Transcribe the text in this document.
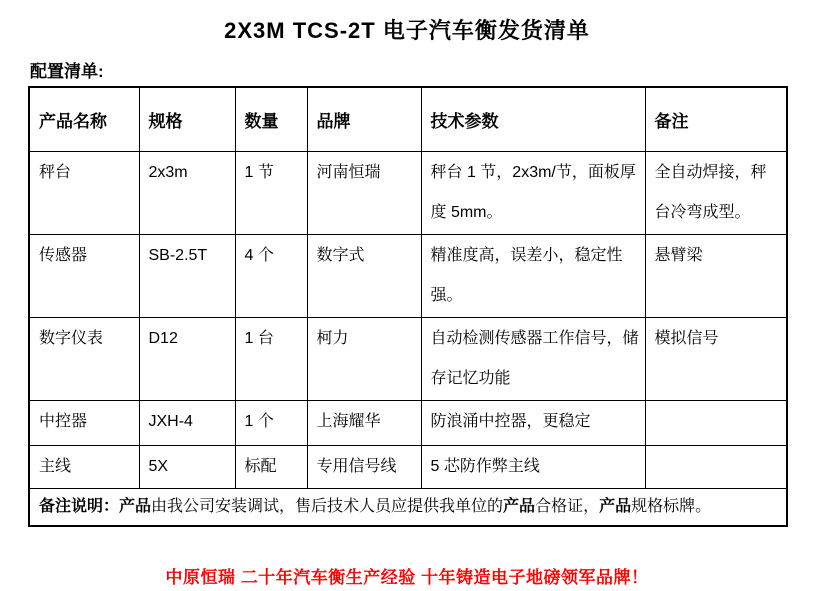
2X3M TCS-2T 电子汽车衡发货清单
配置清单:
产品名称	规格	数量	品牌	技术参数	备注
秤台	2x3m	1 节	河南恒瑞	秤台 1 节，2x3m/节，面板厚度 5mm。	全自动焊接，秤台冷弯成型。
传感器	SB-2.5T	4 个	数字式	精准度高，误差小，稳定性强。	悬臂梁
数字仪表	D12	1 台	柯力	自动检测传感器工作信号，储存记忆功能	模拟信号
中控器	JXH-4	1 个	上海耀华	防浪涌中控器，更稳定	
主线	5X	标配	专用信号线	5 芯防作弊主线	
备注说明：产品由我公司安装调试，售后技术人员应提供我单位的产品合格证，产品规格标牌。					
中原恒瑞 二十年汽车衡生产经验 十年铸造电子地磅领军品牌！
